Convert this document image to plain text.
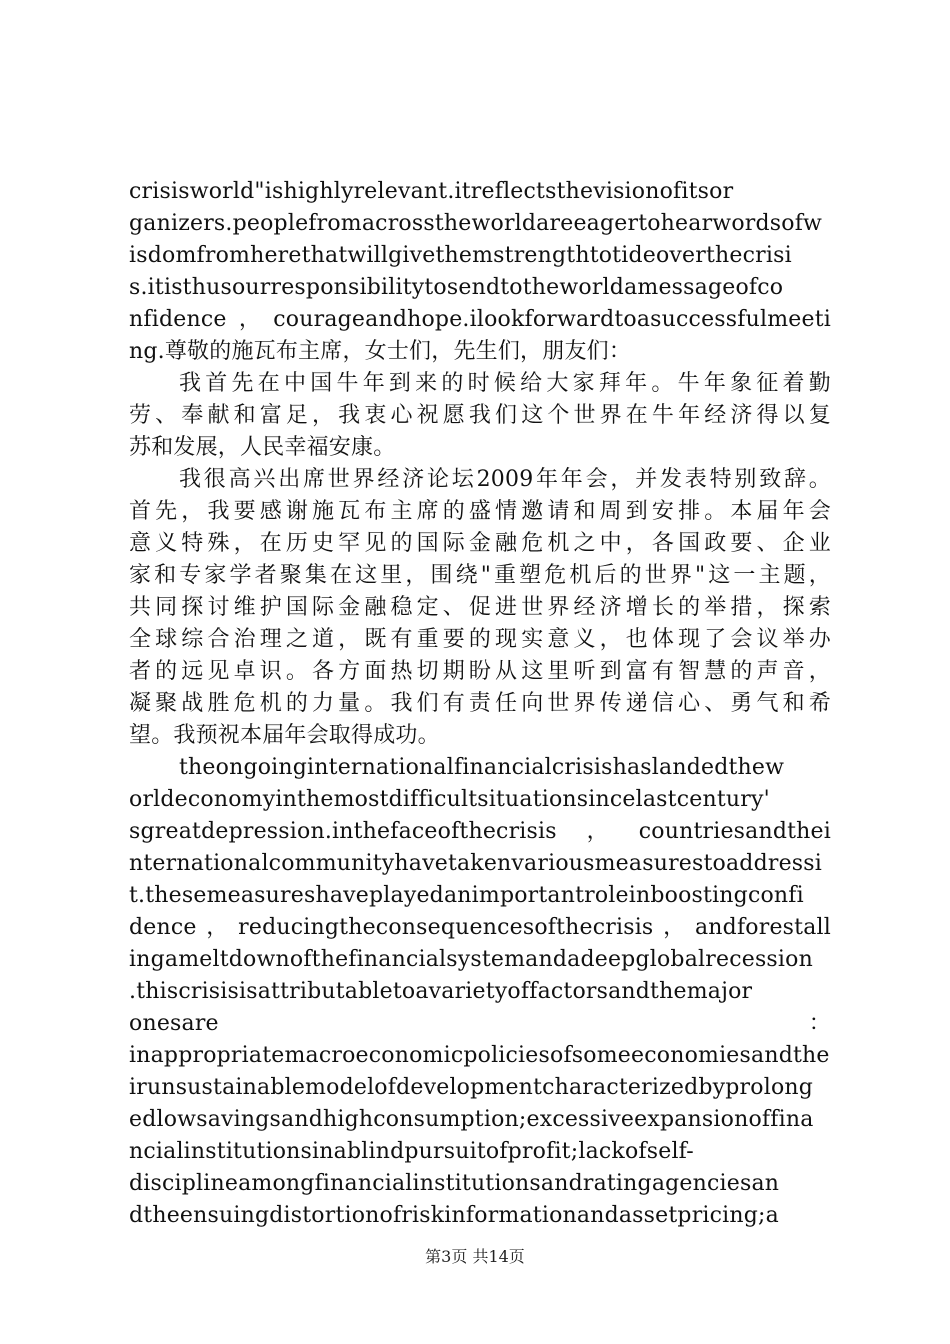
crisisworld"ishighlyrelevant.itreflectsthevisionofitsor
ganizers.peoplefromacrosstheworldareeagertohearwordsofw
isdomfromherethatwillgivethemstrengthtotideoverthecrisi
s.itisthusourresponsibilitytosendtotheworldamessageofco
nfidence，courageandhope.ilookforwardtoasuccessfulmeeti
ng.尊敬的施瓦布主席，女士们，先生们，朋友们：
我首先在中国牛年到来的时候给大家拜年。牛年象征着勤
劳、奉献和富足，我衷心祝愿我们这个世界在牛年经济得以复
苏和发展，人民幸福安康。
我很高兴出席世界经济论坛2009年年会，并发表特别致辞。
首先，我要感谢施瓦布主席的盛情邀请和周到安排。本届年会
意义特殊，在历史罕见的国际金融危机之中，各国政要、企业
家和专家学者聚集在这里，围绕"重塑危机后的世界"这一主题，
共同探讨维护国际金融稳定、促进世界经济增长的举措，探索
全球综合治理之道，既有重要的现实意义，也体现了会议举办
者的远见卓识。各方面热切期盼从这里听到富有智慧的声音，
凝聚战胜危机的力量。我们有责任向世界传递信心、勇气和希
望。我预祝本届年会取得成功。
theongoinginternationalfinancialcrisishaslandedthew
orldeconomyinthemostdifficultsituationsincelastcentury'
sgreatdepression.inthefaceofthecrisis，countriesandthei
nternationalcommunityhavetakenvariousmeasurestoaddressi
t.thesemeasureshaveplayedanimportantroleinboostingconfi
dence，reducingtheconsequencesofthecrisis，andforestall
ingameltdownofthefinancialsystemandadeepglobalrecession
.thiscrisisisattributabletoavarietyoffactorsandthemajor
onesare                                               ：
inappropriatemacroeconomicpoliciesofsomeeconomiesandthe
irunsustainablemodelofdevelopmentcharacterizedbyprolong
edlowsavingsandhighconsumption;excessiveexpansionoffina
ncialinstitutionsinablindpursuitofprofit;lackofself-
disciplineamongfinancialinstitutionsandratingagenciesan
dtheensuingdistortionofriskinformationandassetpricing;a
第3页 共14页
